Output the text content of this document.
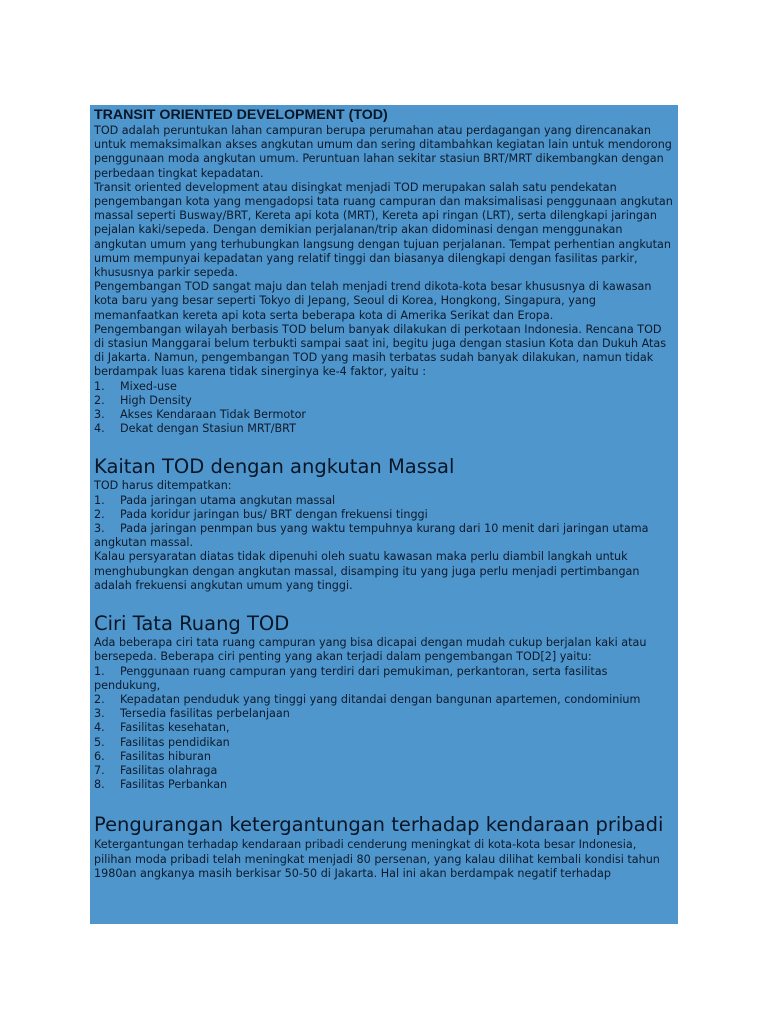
TRANSIT ORIENTED DEVELOPMENT (TOD)

TOD adalah peruntukan lahan campuran berupa perumahan atau perdagangan yang direncanakan untuk memaksimalkan akses angkutan umum dan sering ditambahkan kegiatan lain untuk mendorong penggunaan moda angkutan umum. Peruntuan lahan sekitar stasiun BRT/MRT dikembangkan dengan perbedaan tingkat kepadatan.

Transit oriented development atau disingkat menjadi TOD merupakan salah satu pendekatan pengembangan kota yang mengadopsi tata ruang campuran dan maksimalisasi penggunaan angkutan massal seperti Busway/BRT, Kereta api kota (MRT), Kereta api ringan (LRT), serta dilengkapi jaringan pejalan kaki/sepeda. Dengan demikian perjalanan/trip akan didominasi dengan menggunakan angkutan umum yang terhubungkan langsung dengan tujuan perjalanan. Tempat perhentian angkutan umum mempunyai kepadatan yang relatif tinggi dan biasanya dilengkapi dengan fasilitas parkir, khususnya parkir sepeda.

Pengembangan TOD sangat maju dan telah menjadi trend dikota-kota besar khususnya di kawasan kota baru yang besar seperti Tokyo di Jepang, Seoul di Korea, Hongkong, Singapura, yang memanfaatkan kereta api kota serta beberapa kota di Amerika Serikat dan Eropa.

Pengembangan wilayah berbasis TOD belum banyak dilakukan di perkotaan Indonesia. Rencana TOD di stasiun Manggarai belum terbukti sampai saat ini, begitu juga dengan stasiun Kota dan Dukuh Atas di Jakarta. Namun, pengembangan TOD yang masih terbatas sudah banyak dilakukan, namun tidak berdampak luas karena tidak sinerginya ke-4 faktor, yaitu :

1.	Mixed-use
2.	High Density
3.	Akses Kendaraan Tidak Bermotor
4.	Dekat dengan Stasiun MRT/BRT
Kaitan TOD dengan angkutan Massal

TOD harus ditempatkan:

1.	Pada jaringan utama angkutan massal
2.	Pada koridur jaringan bus/ BRT dengan frekuensi tinggi
3. Pada jaringan penmpan bus yang waktu tempuhnya kurang dari 10 menit dari jaringan utama angkutan massal.

Kalau persyaratan diatas tidak dipenuhi oleh suatu kawasan maka perlu diambil langkah untuk menghubungkan dengan angkutan massal, disamping itu yang juga perlu menjadi pertimbangan adalah frekuensi angkutan umum yang tinggi.

Ciri Tata Ruang TOD

Ada beberapa ciri tata ruang campuran yang bisa dicapai dengan mudah cukup berjalan kaki atau bersepeda. Beberapa ciri penting yang akan terjadi dalam pengembangan TOD[2] yaitu:

1. Penggunaan ruang campuran yang terdiri dari pemukiman, perkantoran, serta fasilitas pendukung,
2.	Kepadatan penduduk yang tinggi yang ditandai dengan bangunan apartemen, condominium
3.	Tersedia fasilitas perbelanjaan
4.	Fasilitas kesehatan,
5.	Fasilitas pendidikan
6.	Fasilitas hiburan
7.	Fasilitas olahraga
8.	Fasilitas Perbankan
Pengurangan ketergantungan terhadap kendaraan pribadi

Ketergantungan terhadap kendaraan pribadi cenderung meningkat di kota-kota besar Indonesia, pilihan moda pribadi telah meningkat menjadi 80 persenan, yang kalau dilihat kembali kondisi tahun 1980an angkanya masih berkisar 50-50 di Jakarta. Hal ini akan berdampak negatif terhadap
